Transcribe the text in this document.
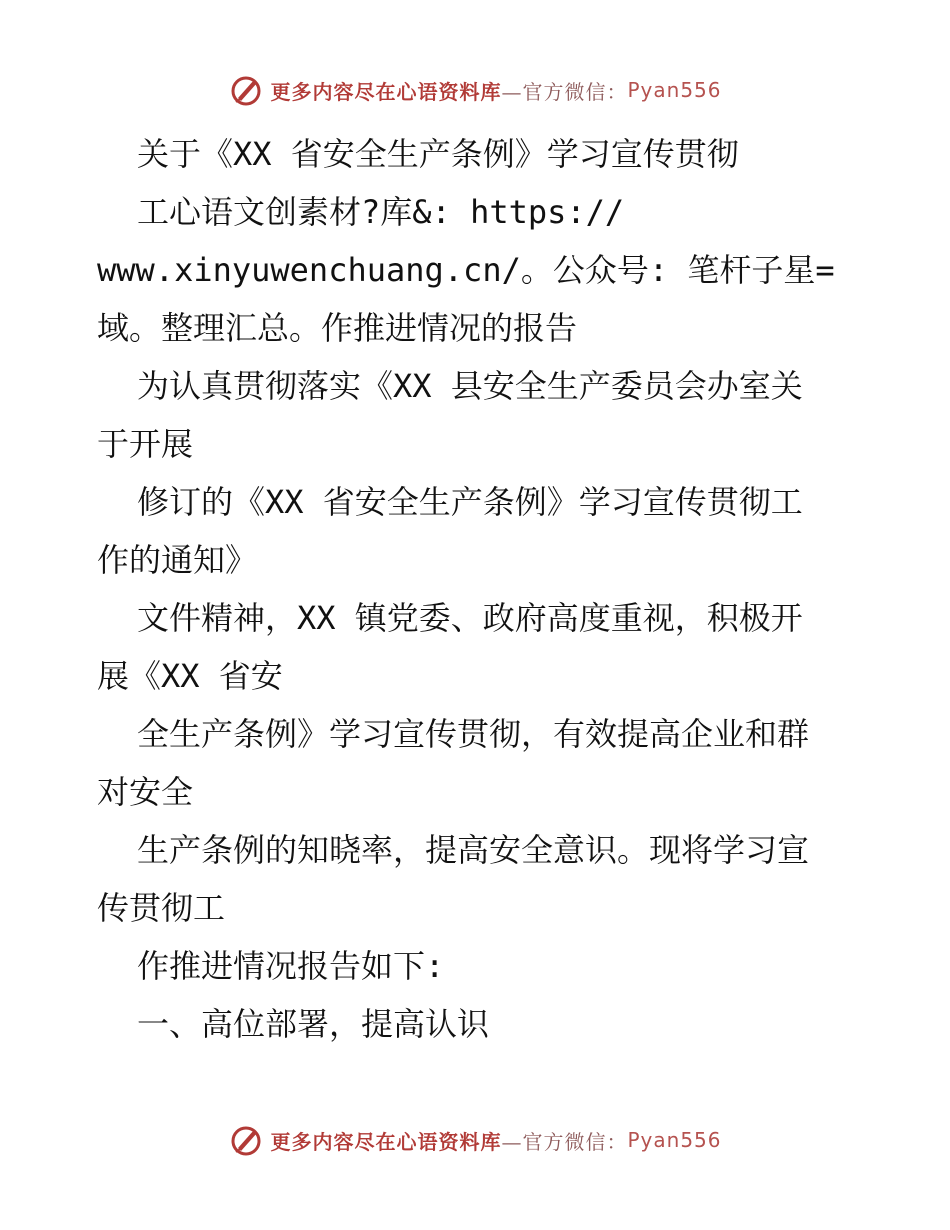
更多内容尽在心语资料库 —官方微信： Pyan556
关于《XX 省安全生产条例》学习宣传贯彻
工心语文创素材?库&: https://
www.xinyuwenchuang.cn/。公众号: 笔杆子星=
域。整理汇总。作推进情况的报告
为认真贯彻落实《XX 县安全生产委员会办室关
于开展
修订的《XX 省安全生产条例》学习宣传贯彻工
作的通知》
文件精神，XX 镇党委、政府高度重视，积极开
展《XX 省安
全生产条例》学习宣传贯彻，有效提高企业和群
对安全
生产条例的知晓率，提高安全意识。现将学习宣
传贯彻工
作推进情况报告如下:
一、高位部署，提高认识
更多内容尽在心语资料库 —官方微信： Pyan556
